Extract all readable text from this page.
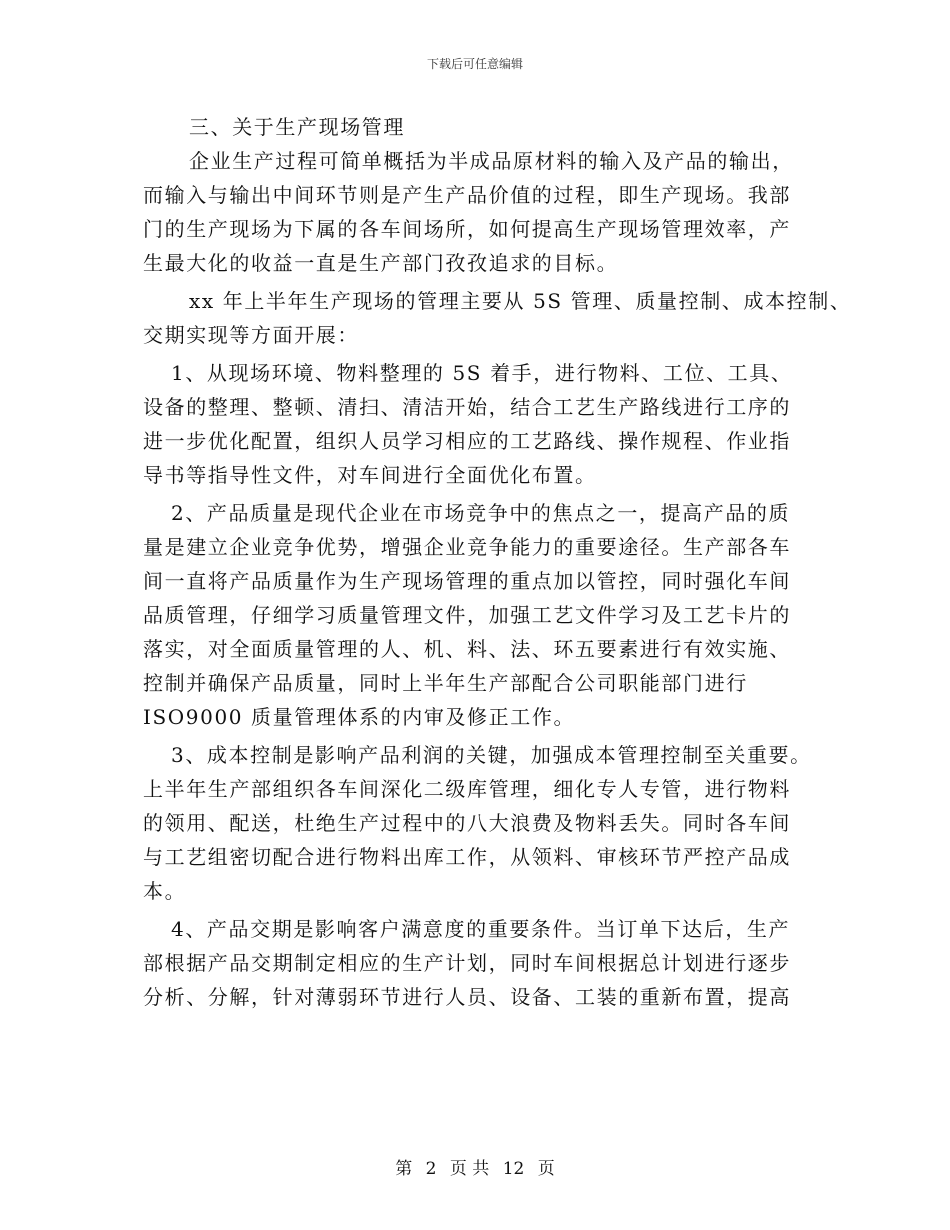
下载后可任意编辑
三、关于生产现场管理
企业生产过程可简单概括为半成品原材料的输入及产品的输出，
而输入与输出中间环节则是产生产品价值的过程，即生产现场。我部
门的生产现场为下属的各车间场所，如何提高生产现场管理效率，产
生最大化的收益一直是生产部门孜孜追求的目标。
xx 年上半年生产现场的管理主要从 5S 管理、质量控制、成本控制、
交期实现等方面开展：
1、从现场环境、物料整理的 5S 着手，进行物料、工位、工具、
设备的整理、整顿、清扫、清洁开始，结合工艺生产路线进行工序的
进一步优化配置，组织人员学习相应的工艺路线、操作规程、作业指
导书等指导性文件，对车间进行全面优化布置。
2、产品质量是现代企业在市场竞争中的焦点之一，提高产品的质
量是建立企业竞争优势，增强企业竞争能力的重要途径。生产部各车
间一直将产品质量作为生产现场管理的重点加以管控，同时强化车间
品质管理，仔细学习质量管理文件，加强工艺文件学习及工艺卡片的
落实，对全面质量管理的人、机、料、法、环五要素进行有效实施、
控制并确保产品质量，同时上半年生产部配合公司职能部门进行
ISO9000 质量管理体系的内审及修正工作。
3、成本控制是影响产品利润的关键，加强成本管理控制至关重要。
上半年生产部组织各车间深化二级库管理，细化专人专管，进行物料
的领用、配送，杜绝生产过程中的八大浪费及物料丢失。同时各车间
与工艺组密切配合进行物料出库工作，从领料、审核环节严控产品成
本。
4、产品交期是影响客户满意度的重要条件。当订单下达后，生产
部根据产品交期制定相应的生产计划，同时车间根据总计划进行逐步
分析、分解，针对薄弱环节进行人员、设备、工装的重新布置，提高
第 2 页 共 12 页
